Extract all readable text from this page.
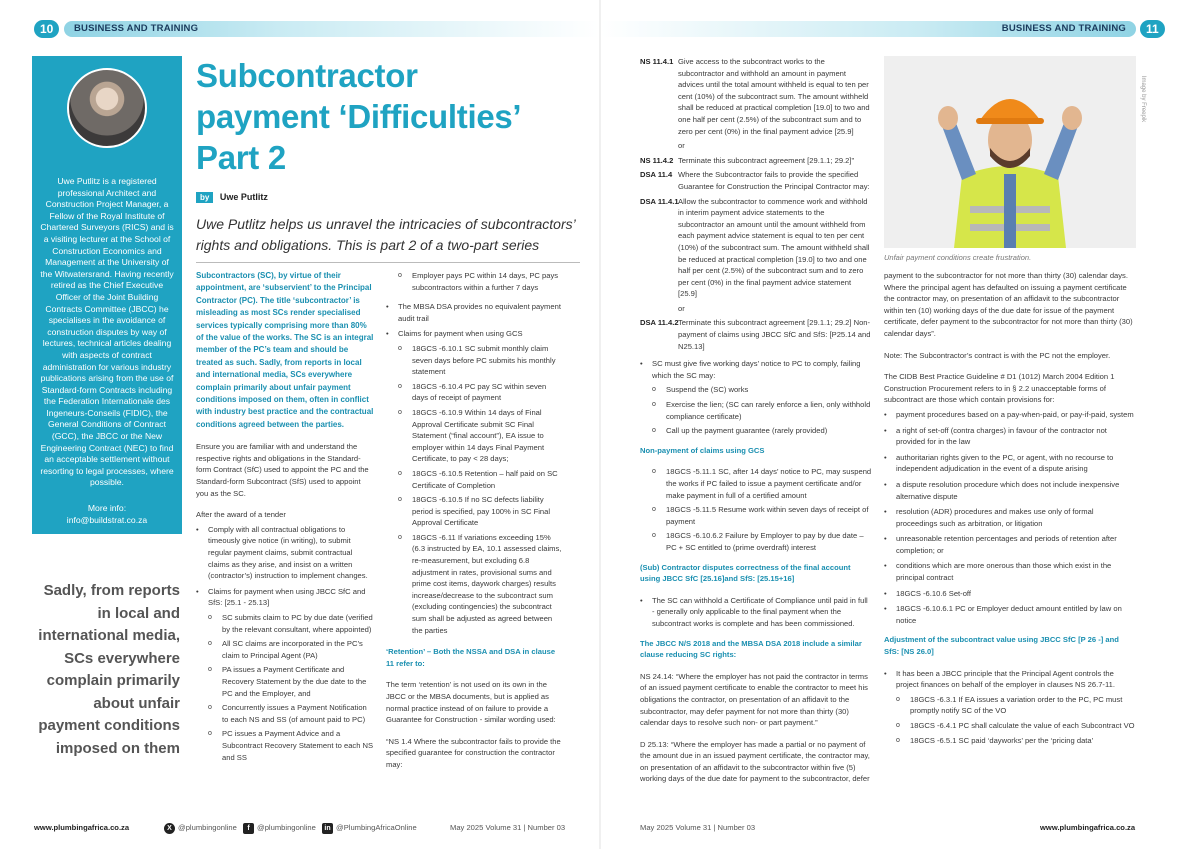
10	BUSINESS AND TRAINING	BUSINESS AND TRAINING	11
Uwe Putlitz is a registered professional Architect and Construction Project Manager, a Fellow of the Royal Institute of Chartered Surveyors (RICS) and is a visiting lecturer at the School of Construction Economics and Management at the University of the Witwatersrand. Having recently retired as the Chief Executive Officer of the Joint Building Contracts Committee (JBCC) he specialises in the avoidance of construction disputes by way of lectures, technical articles dealing with aspects of contract administration for various industry publications arising from the use of Standard-form Contracts including the Federation Internationale des Ingeneurs-Conseils (FIDIC), the General Conditions of Contract (GCC), the JBCC or the New Engineering Contract (NEC) to find an acceptable settlement without resorting to legal processes, where possible.
More info:
info@buildstrat.co.za
Sadly, from reports in local and international media, SCs everywhere complain primarily about unfair payment conditions imposed on them
Subcontractor
payment ‘Difficulties’
Part 2
by Uwe Putlitz
Uwe Putlitz helps us unravel the intricacies of subcontractors’ rights and obligations. This is part 2 of a two-part series

Subcontractors (SC), by virtue of their appointment, are ‘subservient’ to the Principal Contractor (PC). The title ‘subcontractor’ is misleading as most SCs render specialised services typically comprising more than 80% of the value of the works. The SC is an integral member of the PC’s team and should be treated as such. Sadly, from reports in local and international media, SCs everywhere complain primarily about unfair payment conditions imposed on them, often in conflict with industry best practice and the contractual conditions agreed between the parties.

Ensure you are familiar with and understand the respective rights and obligations in the Standard-form Contract (SfC) used to appoint the PC and the Standard-form Subcontract (SfS) used to appoint you as the SC.

After the award of a tender

• Comply with all contractual obligations to timeously give notice (in writing), to submit regular payment claims, submit contractual claims as they arise, and insist on a written (contractor’s) instruction to implement changes.
• Claims for payment when using JBCC SfC and SfS: [25.1 - 25.13]
o SC submits claim to PC by due date (verified by the relevant consultant, where appointed)
o All SC claims are incorporated in the PC’s claim to Principal Agent (PA)
o PA issues a Payment Certificate and Recovery Statement by the due date to the PC and the Employer, and
o Concurrently issues a Payment Notification to each NS and SS (of amount paid to PC)
o PC issues a Payment Advice and a Subcontract Recovery Statement to each NS and SS
o Employer pays PC within 14 days, PC pays subcontractors within a further 7 days
• The MBSA DSA provides no equivalent payment audit trail
• Claims for payment when using GCS
o 18GCS -6.10.1 SC submit monthly claim seven days before PC submits his monthly statement
o 18GCS -6.10.4 PC pay SC within seven days of receipt of payment
o 18GCS -6.10.9 Within 14 days of Final Approval Certificate submit SC Final Statement (“final account”), EA issue to employer within 14 days Final Payment Certificate, to pay < 28 days;
o 18GCS -6.10.5 Retention – half paid on SC Certificate of Completion
o 18GCS -6.10.5 If no SC defects liability period is specified, pay 100% in SC Final Approval Certificate
o 18GCS -6.11 If variations exceeding 15% (6.3 instructed by EA, 10.1 assessed claims, re-measurement, but excluding 6.8 adjustment in rates, provisional sums and prime cost items, daywork charges) results increase/decrease to the subcontract sum (excluding contingencies) the subcontract sum shall be adjusted as agreed between the parties

‘Retention’ – Both the NSSA and DSA in clause 11 refer to:

The term ‘retention’ is not used on its own in the JBCC or the MBSA documents, but is applied as normal practice instead of on failure to provide a Guarantee for Construction - similar wording used:

“NS 1.4 Where the subcontractor fails to provide the specified guarantee for construction the contractor may:

NS 11.4.1 Give access to the subcontract works to the subcontractor and withhold an amount in payment advices until the total amount withheld is equal to ten per cent (10%) of the subcontract sum. The amount withheld shall be reduced at practical completion [19.0] to two and one half per cent (2.5%) of the subcontract sum and to zero per cent (0%) in the final payment advice [25.9]
or
NS 11.4.2 Terminate this subcontract agreement [29.1.1; 29.2]”
DSA 11.4 Where the Subcontractor fails to provide the specified Guarantee for Construction the Principal Contractor may:
DSA 11.4.1 Allow the subcontractor to commence work and withhold in interim payment advice statements to the subcontractor an amount until the amount withheld from each payment advice statement is equal to ten per cent (10%) of the subcontract sum. The amount withheld shall be reduced at practical completion [19.0] to two and one half per cent (2.5%) of the subcontract sum and to zero per cent (0%) in the final payment advice statement [25.9]
or
DSA 11.4.2 Terminate this subcontract agreement [29.1.1; 29.2] Non-payment of claims using JBCC SfC and SfS: [P25.14 and N25.13]
• SC must give five working days’ notice to PC to comply, failing which the SC may:
o Suspend the (SC) works
o Exercise the lien; (SC can rarely enforce a lien, only withhold compliance certificate)
o Call up the payment guarantee (rarely provided)

Non-payment of claims using GCS

o 18GCS -5.11.1 SC, after 14 days’ notice to PC, may suspend the works if PC failed to issue a payment certificate and/or make payment in full of a certified amount
o 18GCS -5.11.5 Resume work within seven days of receipt of payment
o 18GCS -6.10.6.2 Failure by Employer to pay by due date – PC + SC entitled to (prime overdraft) interest

(Sub) Contractor disputes correctness of the final account using JBCC SfC [25.16]and SfS: [25.15+16]

• The SC can withhold a Certificate of Compliance until paid in full - generally only applicable to the final payment when the subcontract works is complete and has been commissioned.

The JBCC N/S 2018 and the MBSA DSA 2018 include a similar clause reducing SC rights:

NS 24.14: “Where the employer has not paid the contractor in terms of an issued payment certificate to enable the contractor to meet his obligations the contractor, on presentation of an affidavit to the subcontractor, may defer payment for not more than thirty (30) calendar days to resolve such non- or part payment.”

D 25.13: “Where the employer has made a partial or no payment of the amount due in an issued payment certificate, the contractor may, on presentation of an affidavit to the subcontractor within five (5) working days of the due date for payment to the subcontractor, defer

Image by Freepik
Unfair payment conditions create frustration.

payment to the subcontractor for not more than thirty (30) calendar days. Where the principal agent has defaulted on issuing a payment certificate the contractor may, on presentation of an affidavit to the subcontractor within ten (10) working days of the due date for issue of the payment certificate, defer payment to the subcontractor for not more than thirty (30) calendar days”.

Note: The Subcontractor’s contract is with the PC not the employer.

The CIDB Best Practice Guideline # D1 (1012) March 2004 Edition 1 Construction Procurement refers to in § 2.2 unacceptable forms of subcontract are those which contain provisions for:

• payment procedures based on a pay-when-paid, or pay-if-paid, system
• a right of set-off (contra charges) in favour of the contractor not provided for in the law
• authoritarian rights given to the PC, or agent, with no recourse to independent adjudication in the event of a dispute arising
• a dispute resolution procedure which does not include inexpensive alternative dispute
• resolution (ADR) procedures and makes use only of formal proceedings such as arbitration, or litigation
• unreasonable retention percentages and periods of retention after completion; or
• conditions which are more onerous than those which exist in the principal contract
• 18GCS -6.10.6 Set-off
• 18GCS -6.10.6.1 PC or Employer deduct amount entitled by law on notice

Adjustment of the subcontract value using JBCC SfC [P 26 -] and SfS: [NS 26.0]

• It has been a JBCC principle that the Principal Agent controls the project finances on behalf of the employer in clauses NS 26.7-11.
o 18GCS -6.3.1 If EA issues a variation order to the PC, PC must promptly notify SC of the VO
o 18GCS -6.4.1 PC shall calculate the value of each Subcontract VO
o 18GCS -6.5.1 SC paid ‘dayworks’ per the ‘pricing data’
www.plumbingafrica.co.za	X @plumbingonline	f @plumbingonline	in @PlumbingAfricaOnline	May 2025 Volume 31 | Number 03	May 2025 Volume 31 | Number 03	www.plumbingafrica.co.za
